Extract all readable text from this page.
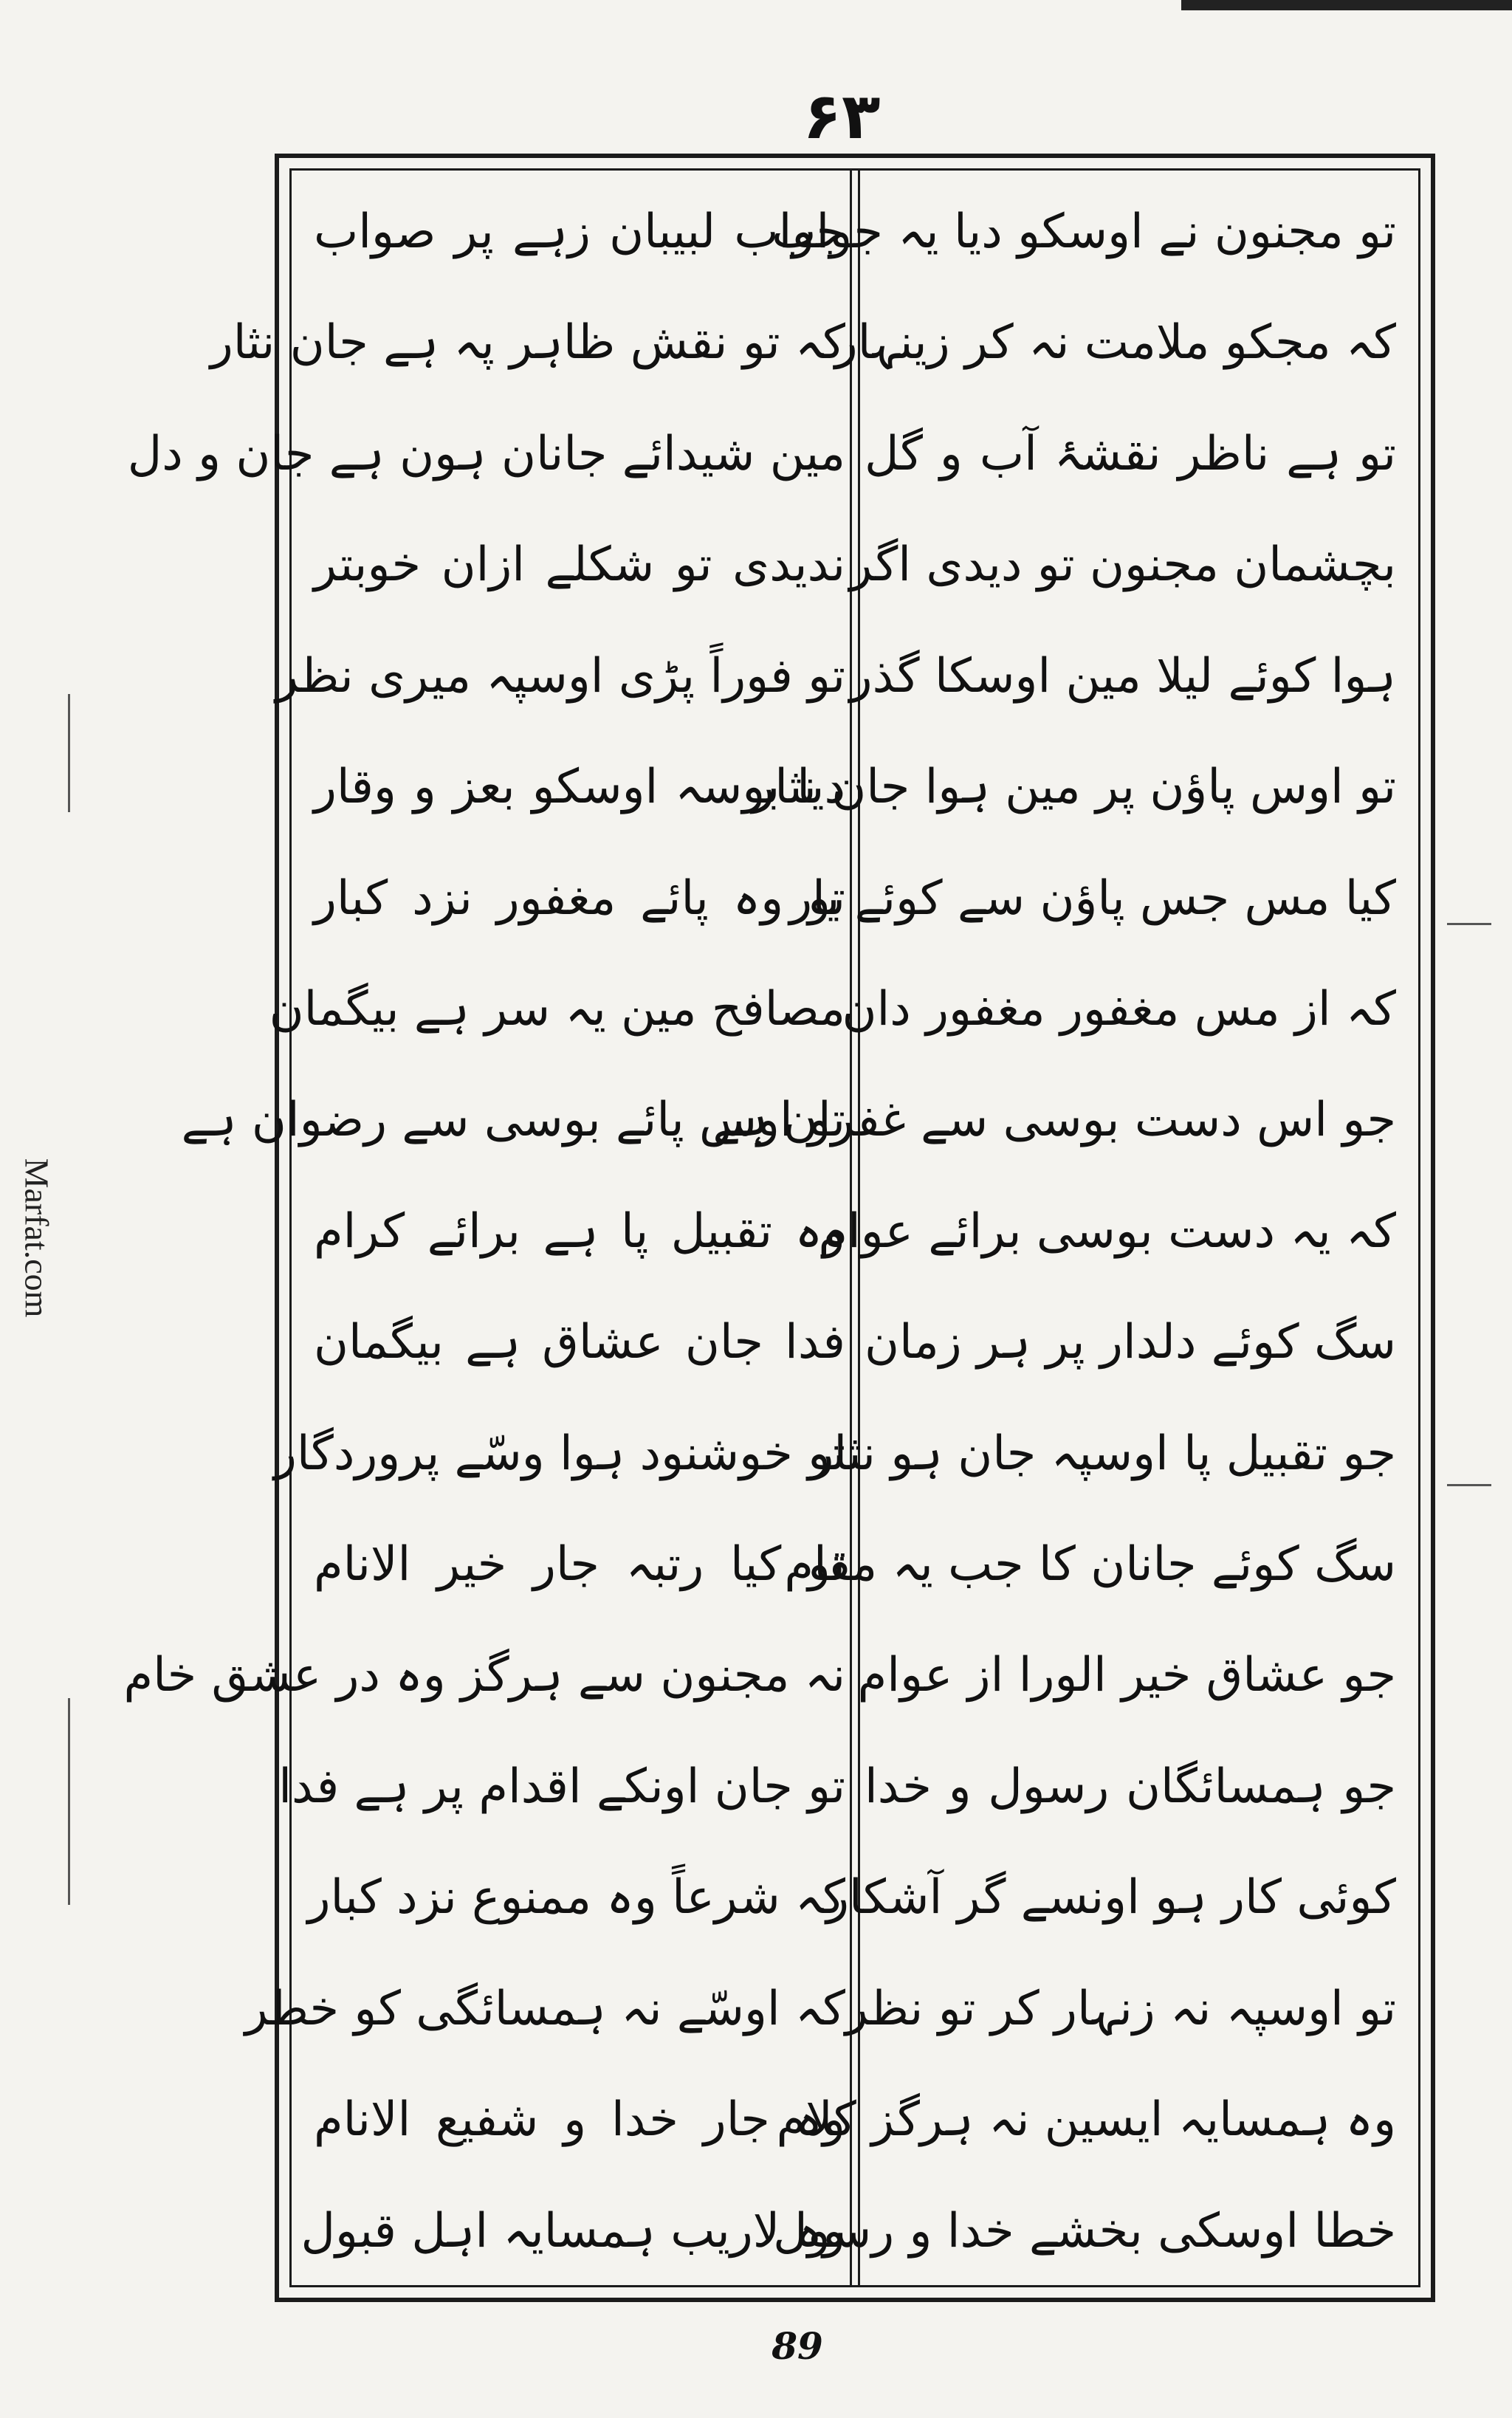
۶۳
تو مجنون نے اوسکو دیا یہ جواب
کہ مجکو ملامت نہ کر زینہار
تو ہے ناظر نقشۂ آب و گل
بچشمان مجنون تو دیدی اگر
ہوا کوئے لیلا مین اوسکا گذر
تو اوس پاؤن پر مین ہوا جان نثار
کیا مس جس پاؤن سے کوئے یار
کہ از مس مغفور مغفور دان
جو اس دست بوسی سے غفران ہے
کہ یہ دست بوسی برائے عوام
سگ کوئے دلدار پر ہر زمان
جو تقبیل پا اوسپہ جان ہو نثار
سگ کوئے جانان کا جب یہ مقام
جو عشاق خیر الورا از عوام
جو ہمسائگان رسول و خدا
کوئی کار ہو اونسے گر آشکار
تو اوسپہ نہ زنہار کر تو نظر
وہ ہمسایہ ایسین نہ ہرگز کلام
خطا اوسکی بخشے خدا و رسول
جواب لبیبان زہے پر صواب
کہ تو نقش ظاہر پہ ہے جان نثار
مین شیدائے جانان ہون ہے جان و دل
ندیدی تو شکلے ازان خوبتر
تو فوراً پڑی اوسپہ میری نظر
دیا بوسہ اوسکو بعز و وقار
تو وہ پائے مغفور نزد کبار
مصافح مین یہ سر ہے بیگمان
تو اوس پائے بوسی سے رضوان ہے
وہ تقبیل پا ہے برائے کرام
فدا جان عشاق ہے بیگمان
تو خوشنود ہوا وسّے پروردگار
تو کیا رتبہ جار خیر الانام
نہ مجنون سے ہرگز وہ در عشق خام
تو جان اونکے اقدام پر ہے فدا
کہ شرعاً وہ ممنوع نزد کبار
کہ اوسّے نہ ہمسائگی کو خطر
وہ جار خدا و شفیع الانام
وہ لاریب ہمسایہ اہل قبول
89
Marfat.com
